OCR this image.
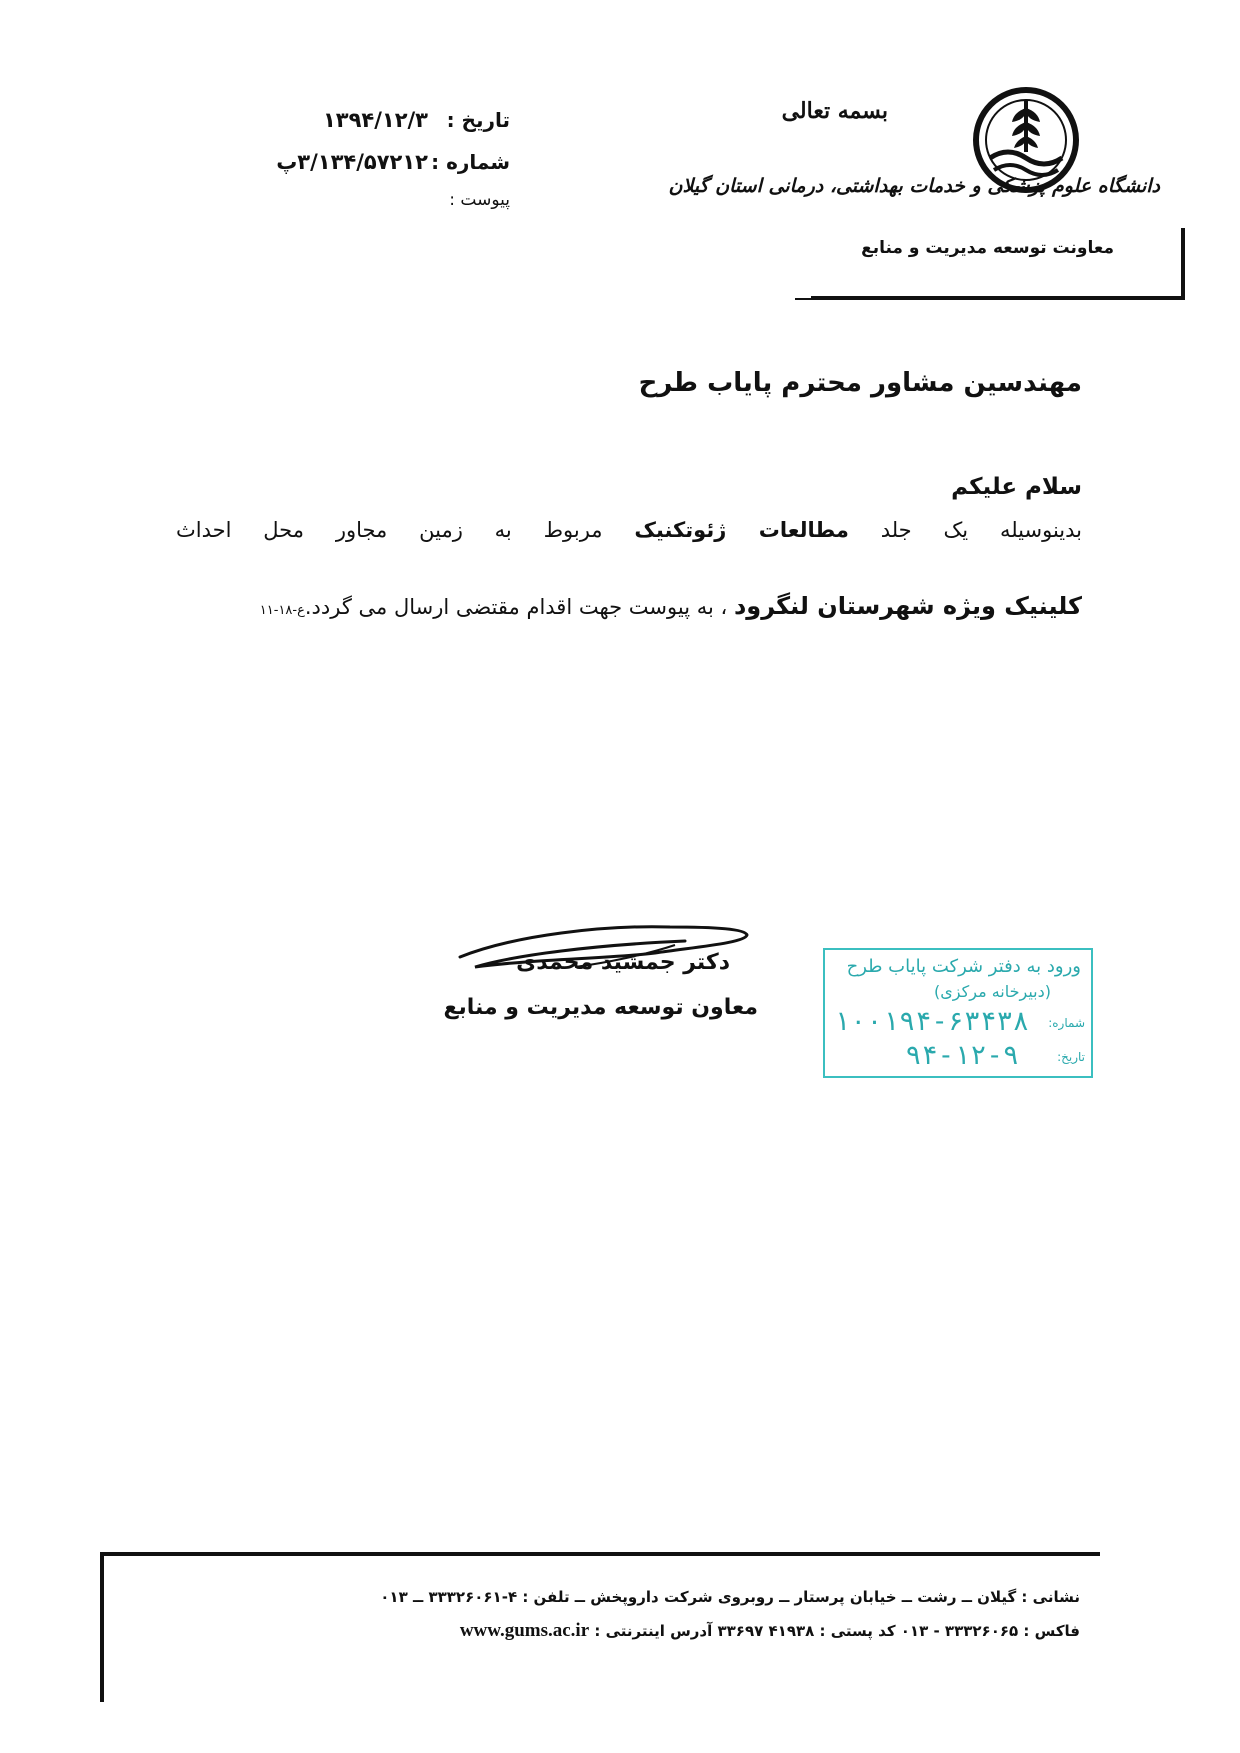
بسمه تعالی
دانشگاه علوم پزشکی و خدمات بهداشتی، درمانی استان گیلان
معاونت توسعه مدیریت و منابع
تاریخ :
۱۳۹۴/۱۲/۳
شماره :
۳/۱۳۴/۵۷۲۱۲پ
پیوست :
مهندسین مشاور محترم پایاب طرح
سلام علیکم
بدینوسیله یک جلد مطالعات ژئوتکنیک مربوط به زمین مجاور محل احداث
کلینیک ویژه شهرستان لنگرود ، به پیوست جهت اقدام مقتضی ارسال می گردد.ع-۱۸-۱۱
دکتر جمشید محمدی
معاون توسعه مدیریت و منابع
ورود به دفتر شرکت پایاب طرح
(دبیرخانه مرکزی)
شماره:
۱۰۰۱۹۴-۶۳۴۳۸
تاریخ:
۹۴-۱۲-۹
نشانی : گیلان ــ رشت ــ خیابان پرستار ــ روبروی شرکت داروپخش ــ تلفن : ۴-۳۳۳۲۶۰۶۱ ــ ۰۱۳
فاکس : ۳۳۳۲۶۰۶۵ - ۰۱۳ کد پستی : ۴۱۹۳۸ ۳۳۶۹۷ آدرس اینترنتی : www.gums.ac.ir
